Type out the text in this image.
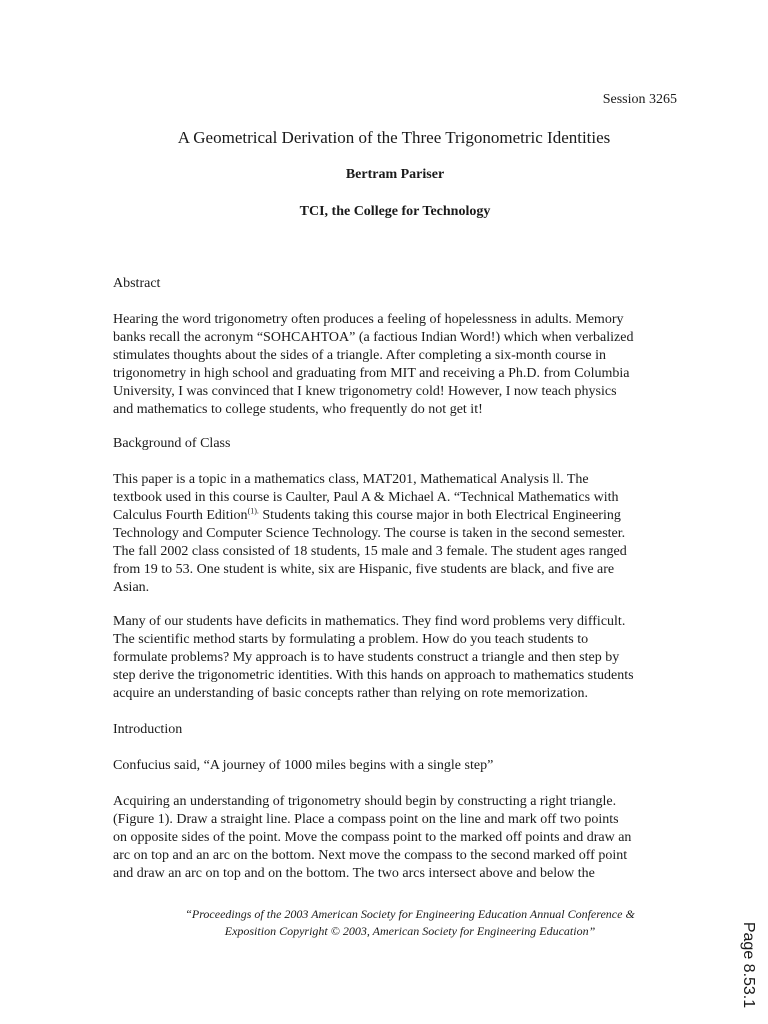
Session 3265
A Geometrical Derivation of the Three Trigonometric Identities
Bertram Pariser
TCI, the College for Technology
Abstract
Hearing the word trigonometry often produces a feeling of hopelessness in adults. Memory
banks recall the acronym “SOHCAHTOA” (a factious Indian Word!) which when verbalized
stimulates thoughts about the sides of a triangle. After completing a six-month course in
trigonometry in high school and graduating from MIT and receiving a Ph.D. from Columbia
University, I was convinced that I knew trigonometry cold! However, I now teach physics
and mathematics to college students, who frequently do not get it!
Background of Class
This paper is a topic in a mathematics class, MAT201, Mathematical Analysis ll. The
textbook used in this course is Caulter, Paul A & Michael A. “Technical Mathematics with
Calculus Fourth Edition$^{(1).}$ Students taking this course major in both Electrical Engineering
Technology and Computer Science Technology. The course is taken in the second semester.
The fall 2002 class consisted of 18 students, 15 male and 3 female. The student ages ranged
from 19 to 53. One student is white, six are Hispanic, five students are black, and five are
Asian.
Many of our students have deficits in mathematics. They find word problems very difficult.
The scientific method starts by formulating a problem. How do you teach students to
formulate problems? My approach is to have students construct a triangle and then step by
step derive the trigonometric identities. With this hands on approach to mathematics students
acquire an understanding of basic concepts rather than relying on rote memorization.
Introduction
Confucius said, “A journey of 1000 miles begins with a single step”
Acquiring an understanding of trigonometry should begin by constructing a right triangle.
(Figure 1). Draw a straight line. Place a compass point on the line and mark off two points
on opposite sides of the point. Move the compass point to the marked off points and draw an
arc on top and an arc on the bottom. Next move the compass to the second marked off point
and draw an arc on top and on the bottom. The two arcs intersect above and below the
“Proceedings of the 2003 American Society for Engineering Education Annual Conference &
Exposition Copyright © 2003, American Society for Engineering Education”	Page 8.53.1
